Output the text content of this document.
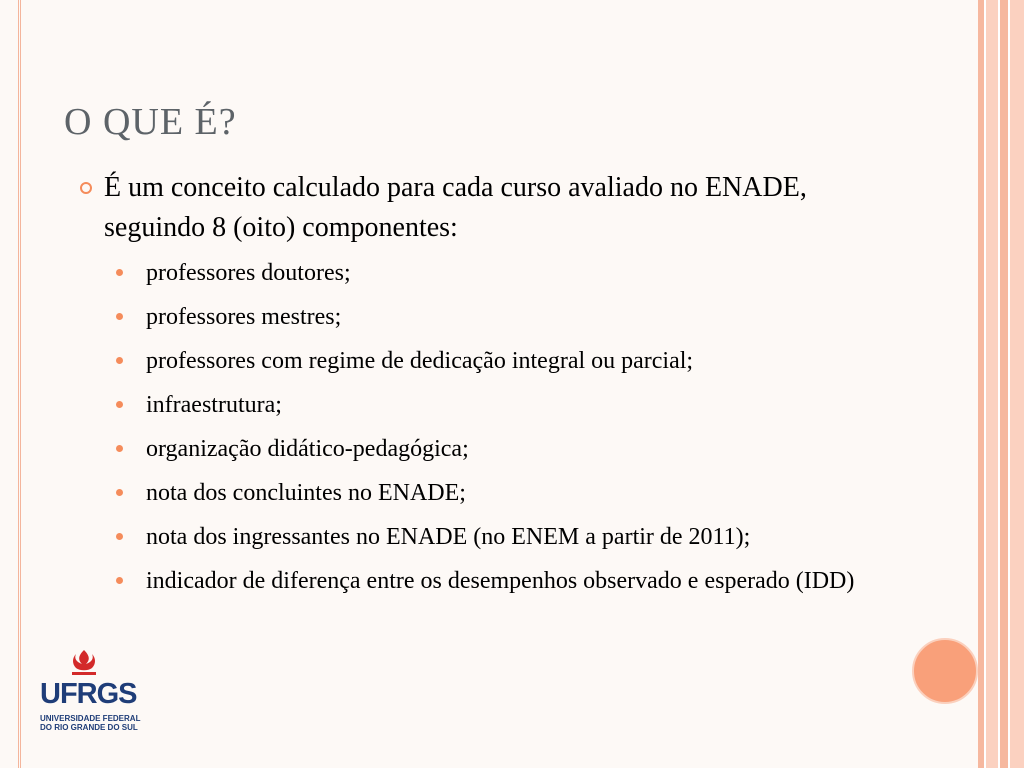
O QUE É?
É um conceito calculado para cada curso avaliado no ENADE, seguindo 8 (oito) componentes:
professores doutores;
professores mestres;
professores com regime de dedicação integral ou parcial;
infraestrutura;
organização didático-pedagógica;
nota dos concluintes no ENADE;
nota dos ingressantes no ENADE (no ENEM a partir de 2011);
indicador de diferença entre os desempenhos observado e esperado (IDD)
UFRGS
UNIVERSIDADE FEDERAL
DO RIO GRANDE DO SUL
